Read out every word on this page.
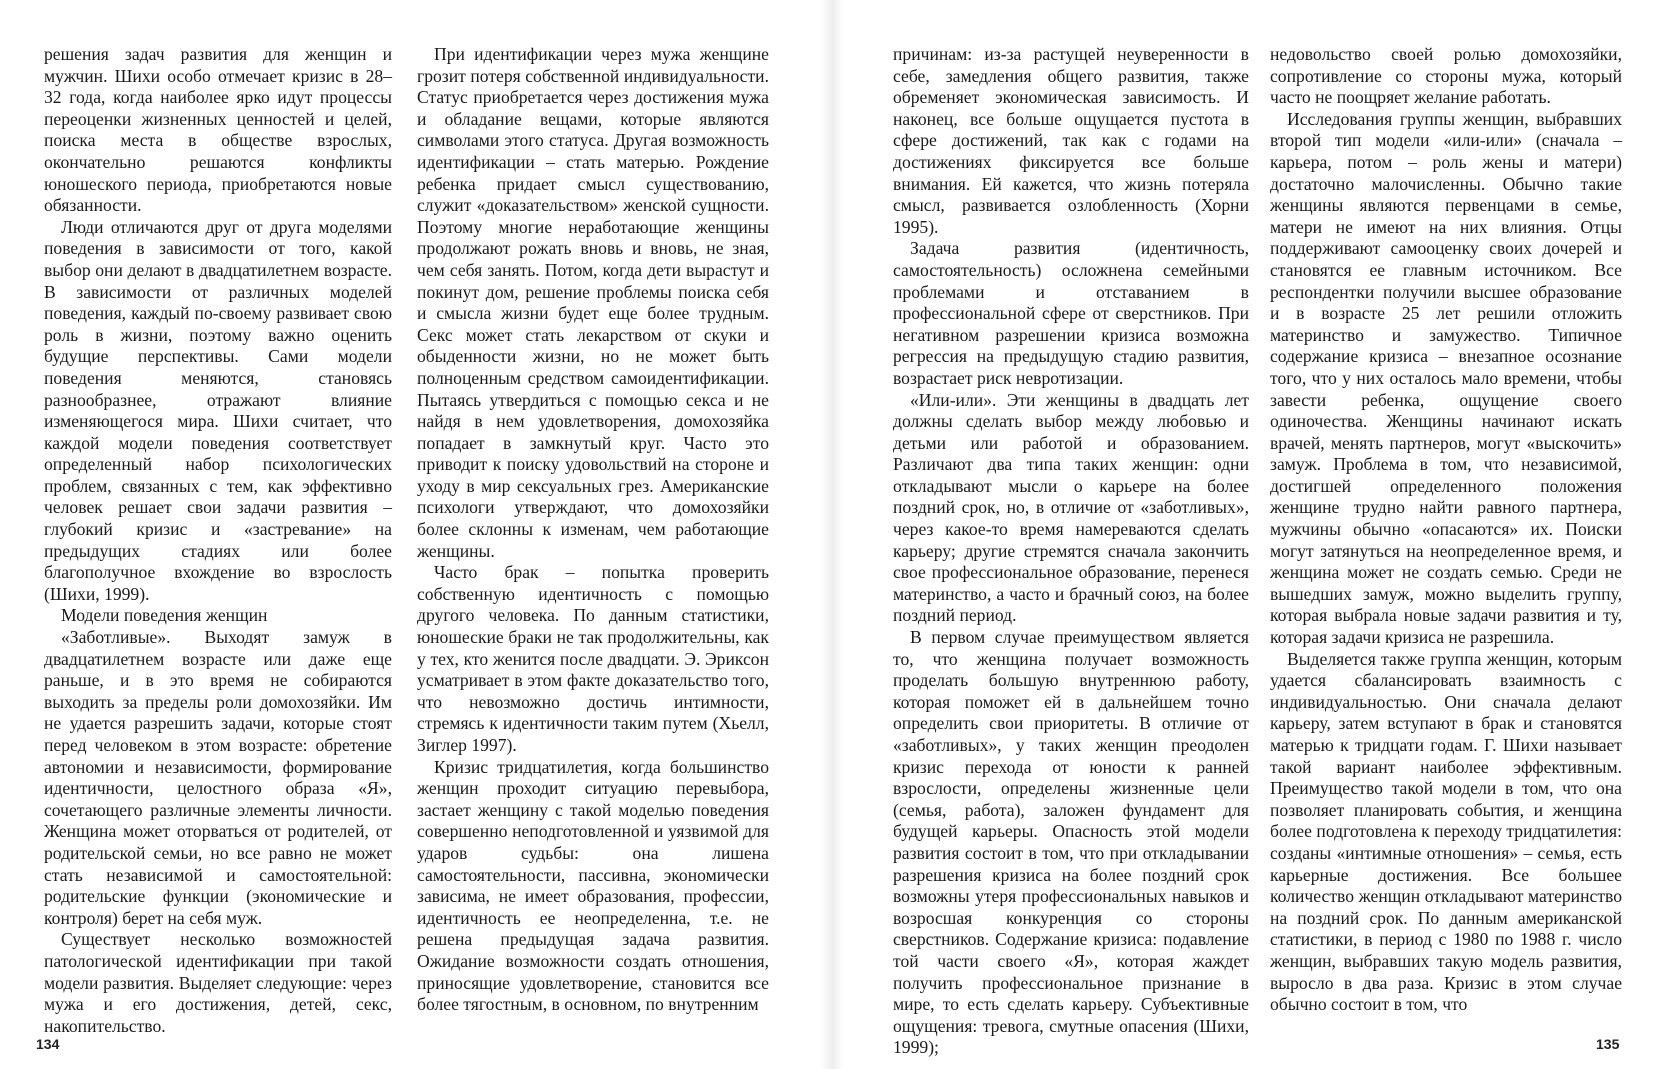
решения задач развития для женщин и мужчин. Шихи особо отмечает кризис в 28–32 года, когда наиболее ярко идут процессы переоценки жизненных ценностей и целей, поиска места в обществе взрослых, окончательно решаются конфликты юношеского периода, приобретаются новые обязанности.

Люди отличаются друг от друга моделями поведения в зависимости от того, какой выбор они делают в двадцатилетнем возрасте. В зависимости от различных моделей поведения, каждый по-своему развивает свою роль в жизни, поэтому важно оценить будущие перспективы. Сами модели поведения меняются, становясь разнообразнее, отражают влияние изменяющегося мира. Шихи считает, что каждой модели поведения соответствует определенный набор психологических проблем, связанных с тем, как эффективно человек решает свои задачи развития – глубокий кризис и «застревание» на предыдущих стадиях или более благополучное вхождение во взрослость (Шихи, 1999).

Модели поведения женщин

«Заботливые». Выходят замуж в двадцатилетнем возрасте или даже еще раньше, и в это время не собираются выходить за пределы роли домохозяйки. Им не удается разрешить задачи, которые стоят перед человеком в этом возрасте: обретение автономии и независимости, формирование идентичности, целостного образа «Я», сочетающего различные элементы личности. Женщина может оторваться от родителей, от родительской семьи, но все равно не может стать независимой и самостоятельной: родительские функции (экономические и контроля) берет на себя муж.

Существует несколько возможностей патологической идентификации при такой модели развития. Выделяет следующие: через мужа и его достижения, детей, секс, накопительство.

При идентификации через мужа женщине грозит потеря собственной индивидуальности. Статус приобретается через достижения мужа и обладание вещами, которые являются символами этого статуса. Другая возможность идентификации – стать матерью. Рождение ребенка придает смысл существованию, служит «доказательством» женской сущности. Поэтому многие неработающие женщины продолжают рожать вновь и вновь, не зная, чем себя занять. Потом, когда дети вырастут и покинут дом, решение проблемы поиска себя и смысла жизни будет еще более трудным. Секс может стать лекарством от скуки и обыденности жизни, но не может быть полноценным средством самоидентификации. Пытаясь утвердиться с помощью секса и не найдя в нем удовлетворения, домохозяйка попадает в замкнутый круг. Часто это приводит к поиску удовольствий на стороне и уходу в мир сексуальных грез. Американские психологи утверждают, что домохозяйки более склонны к изменам, чем работающие женщины.

Часто брак – попытка проверить собственную идентичность с помощью другого человека. По данным статистики, юношеские браки не так продолжительны, как у тех, кто женится после двадцати. Э. Эриксон усматривает в этом факте доказательство того, что невозможно достичь интимности, стремясь к идентичности таким путем (Хьелл, Зиглер 1997).

Кризис тридцатилетия, когда большинство женщин проходит ситуацию перевыбора, застает женщину с такой моделью поведения совершенно неподготовленной и уязвимой для ударов судьбы: она лишена самостоятельности, пассивна, экономически зависима, не имеет образования, профессии, идентичность ее неопределенна, т.е. не решена предыдущая задача развития. Ожидание возможности создать отношения, приносящие удовлетворение, становится все более тягостным, в основном, по внутренним

причинам: из-за растущей неуверенности в себе, замедления общего развития, также обременяет экономическая зависимость. И наконец, все больше ощущается пустота в сфере достижений, так как с годами на достижениях фиксируется все больше внимания. Ей кажется, что жизнь потеряла смысл, развивается озлобленность (Хорни 1995).

Задача развития (идентичность, самостоятельность) осложнена семейными проблемами и отставанием в профессиональной сфере от сверстников. При негативном разрешении кризиса возможна регрессия на предыдущую стадию развития, возрастает риск невротизации.

«Или-или». Эти женщины в двадцать лет должны сделать выбор между любовью и детьми или работой и образованием. Различают два типа таких женщин: одни откладывают мысли о карьере на более поздний срок, но, в отличие от «заботливых», через какое-то время намереваются сделать карьеру; другие стремятся сначала закончить свое профессиональное образование, перенеся материнство, а часто и брачный союз, на более поздний период.

В первом случае преимуществом является то, что женщина получает возможность проделать большую внутреннюю работу, которая поможет ей в дальнейшем точно определить свои приоритеты. В отличие от «заботливых», у таких женщин преодолен кризис перехода от юности к ранней взрослости, определены жизненные цели (семья, работа), заложен фундамент для будущей карьеры. Опасность этой модели развития состоит в том, что при откладывании разрешения кризиса на более поздний срок возможны утеря профессиональных навыков и возросшая конкуренция со стороны сверстников. Содержание кризиса: подавление той части своего «Я», которая жаждет получить профессиональное признание в мире, то есть сделать карьеру. Субъективные ощущения: тревога, смутные опасения (Шихи, 1999);

недовольство своей ролью домохозяйки, сопротивление со стороны мужа, который часто не поощряет желание работать.

Исследования группы женщин, выбравших второй тип модели «или-или» (сначала – карьера, потом – роль жены и матери) достаточно малочисленны. Обычно такие женщины являются первенцами в семье, матери не имеют на них влияния. Отцы поддерживают самооценку своих дочерей и становятся ее главным источником. Все респондентки получили высшее образование и в возрасте 25 лет решили отложить материнство и замужество. Типичное содержание кризиса – внезапное осознание того, что у них осталось мало времени, чтобы завести ребенка, ощущение своего одиночества. Женщины начинают искать врачей, менять партнеров, могут «выскочить» замуж. Проблема в том, что независимой, достигшей определенного положения женщине трудно найти равного партнера, мужчины обычно «опасаются» их. Поиски могут затянуться на неопределенное время, и женщина может не создать семью. Среди не вышедших замуж, можно выделить группу, которая выбрала новые задачи развития и ту, которая задачи кризиса не разрешила.

Выделяется также группа женщин, которым удается сбалансировать взаимность с индивидуальностью. Они сначала делают карьеру, затем вступают в брак и становятся матерью к тридцати годам. Г. Шихи называет такой вариант наиболее эффективным. Преимущество такой модели в том, что она позволяет планировать события, и женщина более подготовлена к переходу тридцатилетия: созданы «интимные отношения» – семья, есть карьерные достижения. Все большее количество женщин откладывают материнство на поздний срок. По данным американской статистики, в период с 1980 по 1988 г. число женщин, выбравших такую модель развития, выросло в два раза. Кризис в этом случае обычно состоит в том, что

134	135
